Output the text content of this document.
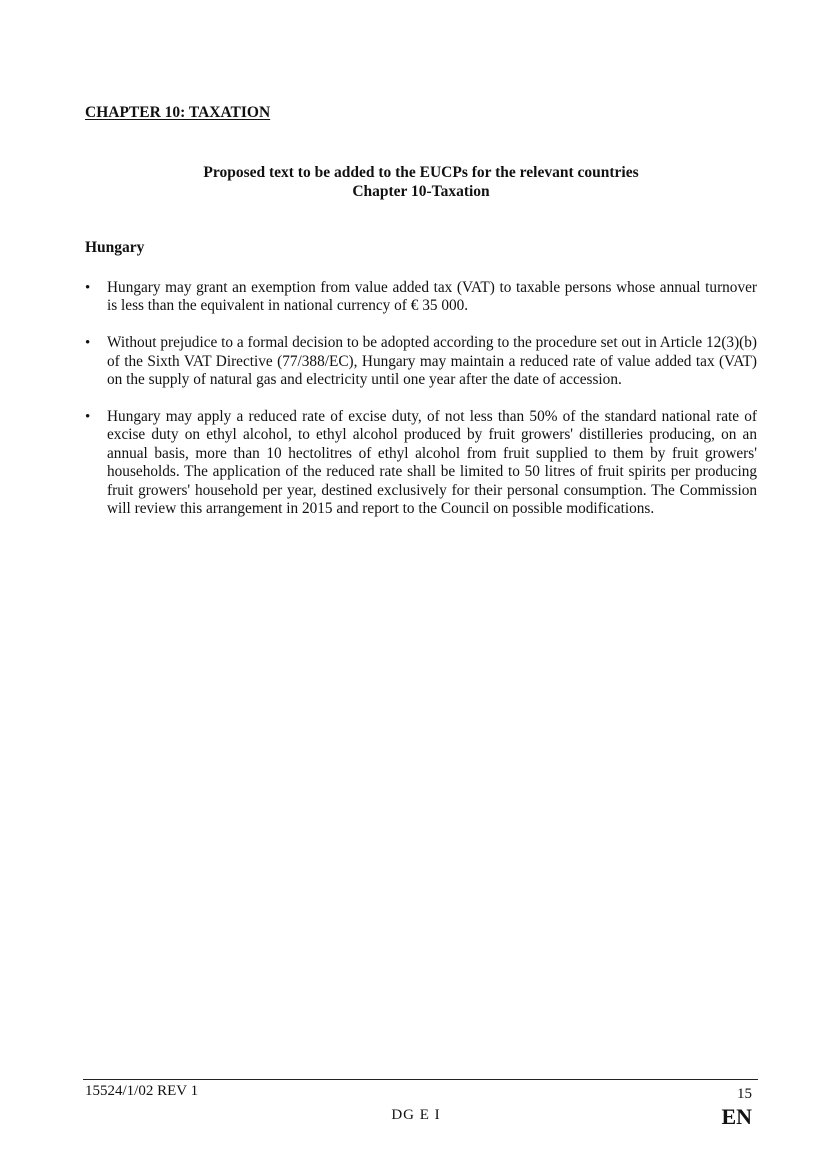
CHAPTER 10: TAXATION
Proposed text to be added to the EUCPs for the relevant countries
Chapter 10-Taxation
Hungary
•	Hungary may grant an exemption from value added tax (VAT) to taxable persons whose annual turnover is less than the equivalent in national currency of € 35 000.
•	Without prejudice to a formal decision to be adopted according to the procedure set out in Article 12(3)(b) of the Sixth VAT Directive (77/388/EC), Hungary may maintain a reduced rate of value added tax (VAT) on the supply of natural gas and electricity until one year after the date of accession.
•	Hungary may apply a reduced rate of excise duty, of not less than 50% of the standard national rate of excise duty on ethyl alcohol, to ethyl alcohol produced by fruit growers' distilleries producing, on an annual basis, more than 10 hectolitres of ethyl alcohol from fruit supplied to them by fruit growers' households. The application of the reduced rate shall be limited to 50 litres of fruit spirits per producing fruit growers' household per year, destined exclusively for their personal consumption. The Commission will review this arrangement in 2015 and report to the Council on possible modifications.
15524/1/02 REV 1	15
DG E I	EN
